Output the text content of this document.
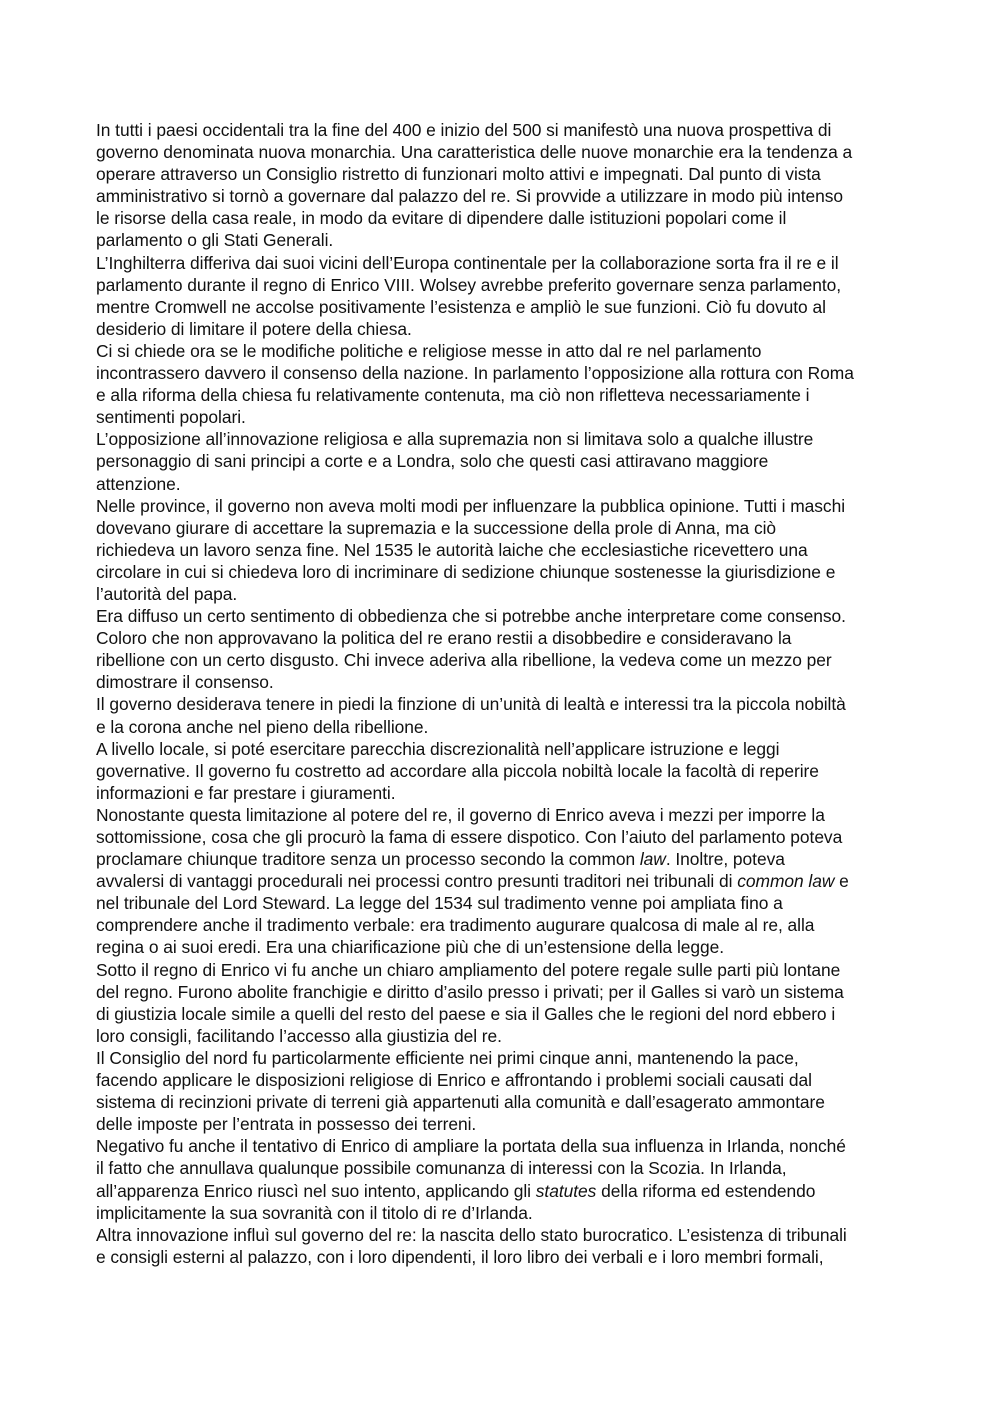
In tutti i paesi occidentali tra la fine del 400 e inizio del 500 si manifestò una nuova prospettiva di
governo denominata nuova monarchia. Una caratteristica delle nuove monarchie era la tendenza a
operare attraverso un Consiglio ristretto di funzionari molto attivi e impegnati. Dal punto di vista
amministrativo si tornò a governare dal palazzo del re. Si provvide a utilizzare in modo più intenso
le risorse della casa reale, in modo da evitare di dipendere dalle istituzioni popolari come il
parlamento o gli Stati Generali.

L’Inghilterra differiva dai suoi vicini dell’Europa continentale per la collaborazione sorta fra il re e il
parlamento durante il regno di Enrico VIII. Wolsey avrebbe preferito governare senza parlamento,
mentre Cromwell ne accolse positivamente l’esistenza e ampliò le sue funzioni. Ciò fu dovuto al
desiderio di limitare il potere della chiesa.

Ci si chiede ora se le modifiche politiche e religiose messe in atto dal re nel parlamento
incontrassero davvero il consenso della nazione. In parlamento l’opposizione alla rottura con Roma
e alla riforma della chiesa fu relativamente contenuta, ma ciò non rifletteva necessariamente i
sentimenti popolari.

L’opposizione all’innovazione religiosa e alla supremazia non si limitava solo a qualche illustre
personaggio di sani principi a corte e a Londra, solo che questi casi attiravano maggiore
attenzione.

Nelle province, il governo non aveva molti modi per influenzare la pubblica opinione. Tutti i maschi
dovevano giurare di accettare la supremazia e la successione della prole di Anna, ma ciò
richiedeva un lavoro senza fine. Nel 1535 le autorità laiche che ecclesiastiche ricevettero una
circolare in cui si chiedeva loro di incriminare di sedizione chiunque sostenesse la giurisdizione e
l’autorità del papa.

Era diffuso un certo sentimento di obbedienza che si potrebbe anche interpretare come consenso.
Coloro che non approvavano la politica del re erano restii a disobbedire e consideravano la
ribellione con un certo disgusto. Chi invece aderiva alla ribellione, la vedeva come un mezzo per
dimostrare il consenso.

Il governo desiderava tenere in piedi la finzione di un’unità di lealtà e interessi tra la piccola nobiltà
e la corona anche nel pieno della ribellione.

A livello locale, si poté esercitare parecchia discrezionalità nell’applicare istruzione e leggi
governative. Il governo fu costretto ad accordare alla piccola nobiltà locale la facoltà di reperire
informazioni e far prestare i giuramenti.

Nonostante questa limitazione al potere del re, il governo di Enrico aveva i mezzi per imporre la
sottomissione, cosa che gli procurò la fama di essere dispotico. Con l’aiuto del parlamento poteva
proclamare chiunque traditore senza un processo secondo la common law. Inoltre, poteva
avvalersi di vantaggi procedurali nei processi contro presunti traditori nei tribunali di common law e
nel tribunale del Lord Steward. La legge del 1534 sul tradimento venne poi ampliata fino a
comprendere anche il tradimento verbale: era tradimento augurare qualcosa di male al re, alla
regina o ai suoi eredi. Era una chiarificazione più che di un’estensione della legge.

Sotto il regno di Enrico vi fu anche un chiaro ampliamento del potere regale sulle parti più lontane
del regno. Furono abolite franchigie e diritto d’asilo presso i privati; per il Galles si varò un sistema
di giustizia locale simile a quelli del resto del paese e sia il Galles che le regioni del nord ebbero i
loro consigli, facilitando l’accesso alla giustizia del re.

Il Consiglio del nord fu particolarmente efficiente nei primi cinque anni, mantenendo la pace,
facendo applicare le disposizioni religiose di Enrico e affrontando i problemi sociali causati dal
sistema di recinzioni private di terreni già appartenuti alla comunità e dall’esagerato ammontare
delle imposte per l’entrata in possesso dei terreni.

Negativo fu anche il tentativo di Enrico di ampliare la portata della sua influenza in Irlanda, nonché
il fatto che annullava qualunque possibile comunanza di interessi con la Scozia. In Irlanda,
all’apparenza Enrico riuscì nel suo intento, applicando gli statutes della riforma ed estendendo
implicitamente la sua sovranità con il titolo di re d’Irlanda.

Altra innovazione influì sul governo del re: la nascita dello stato burocratico. L’esistenza di tribunali
e consigli esterni al palazzo, con i loro dipendenti, il loro libro dei verbali e i loro membri formali,
